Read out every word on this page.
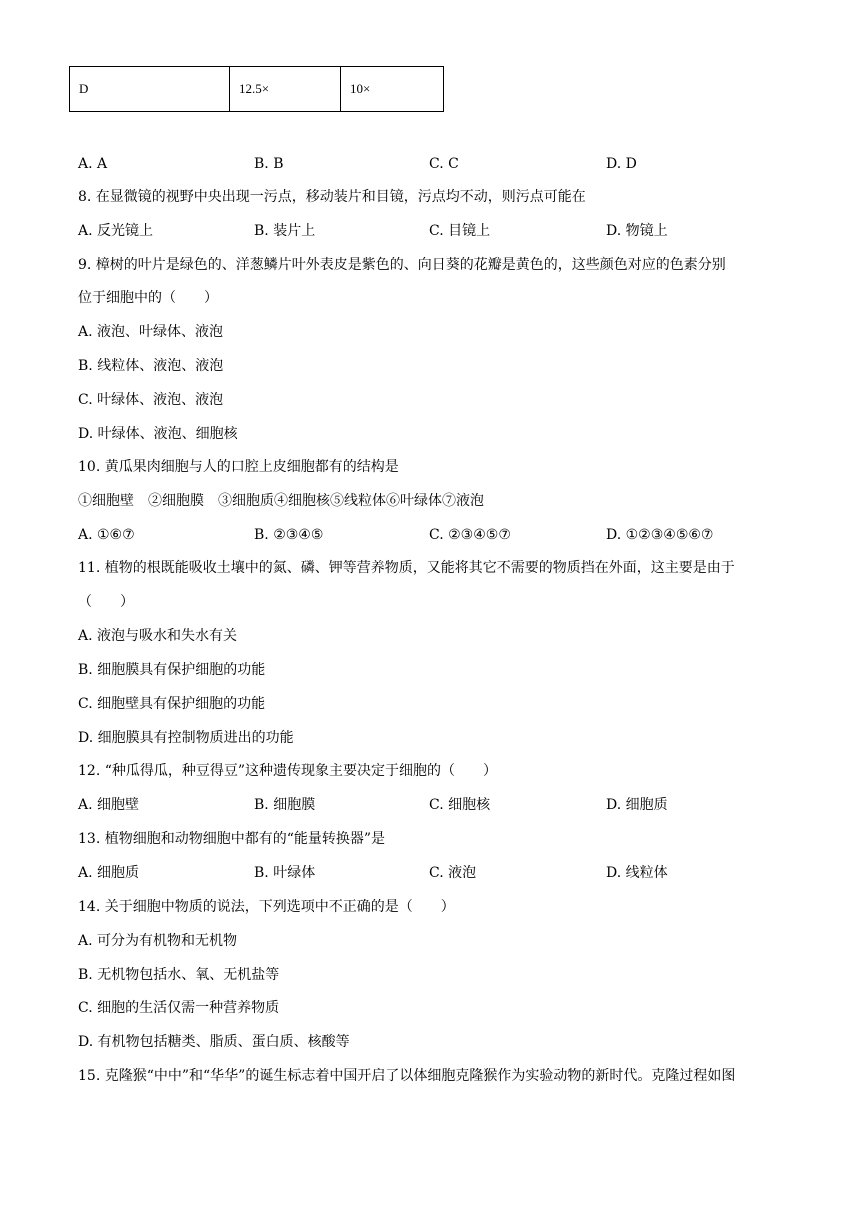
D	12.5×	10×
A. A	B. B	C. C	D. D
8. 在显微镜的视野中央出现一污点，移动装片和目镜，污点均不动，则污点可能在
A. 反光镜上	B. 装片上	C. 目镜上	D. 物镜上
9. 樟树的叶片是绿色的、洋葱鳞片叶外表皮是紫色的、向日葵的花瓣是黄色的，这些颜色对应的色素分别
位于细胞中的（　　）
A. 液泡、叶绿体、液泡
B. 线粒体、液泡、液泡
C. 叶绿体、液泡、液泡
D. 叶绿体、液泡、细胞核
10. 黄瓜果肉细胞与人的口腔上皮细胞都有的结构是
①细胞壁　②细胞膜　③细胞质④细胞核⑤线粒体⑥叶绿体⑦液泡
A. ①⑥⑦	B. ②③④⑤	C. ②③④⑤⑦	D. ①②③④⑤⑥⑦
11. 植物的根既能吸收土壤中的氮、磷、钾等营养物质，又能将其它不需要的物质挡在外面，这主要是由于
（　　）
A. 液泡与吸水和失水有关
B. 细胞膜具有保护细胞的功能
C. 细胞壁具有保护细胞的功能
D. 细胞膜具有控制物质进出的功能
12. “种瓜得瓜，种豆得豆”这种遗传现象主要决定于细胞的（　　）
A. 细胞壁	B. 细胞膜	C. 细胞核	D. 细胞质
13. 植物细胞和动物细胞中都有的“能量转换器”是
A. 细胞质	B. 叶绿体	C. 液泡	D. 线粒体
14. 关于细胞中物质的说法，下列选项中不正确的是（　　）
A. 可分为有机物和无机物
B. 无机物包括水、氧、无机盐等
C. 细胞的生活仅需一种营养物质
D. 有机物包括糖类、脂质、蛋白质、核酸等
15. 克隆猴“中中”和“华华”的诞生标志着中国开启了以体细胞克隆猴作为实验动物的新时代。克隆过程如图
